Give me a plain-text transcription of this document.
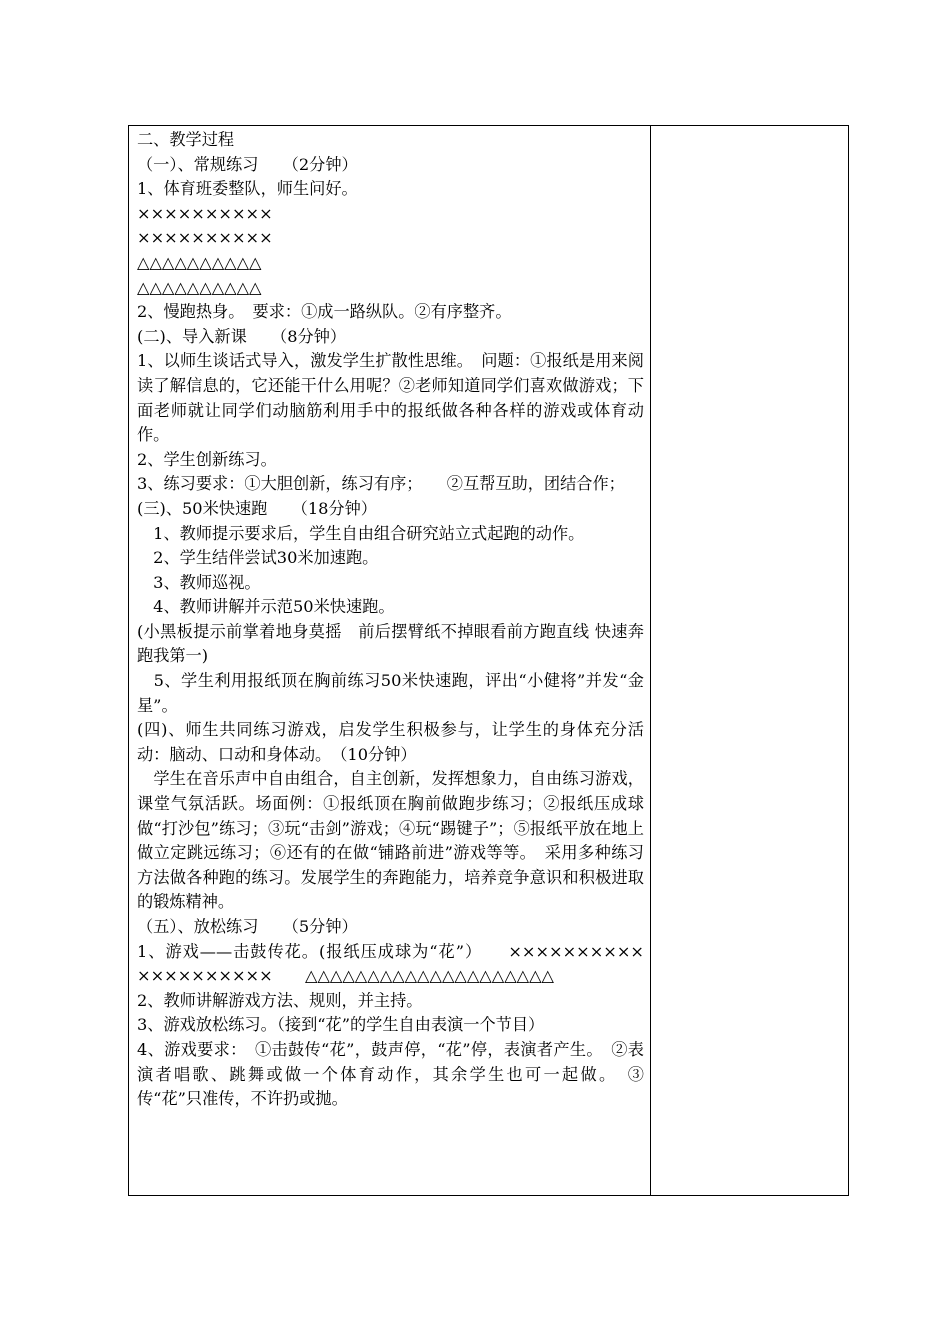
二、教学过程

（一）、常规练习　　（2分钟）

1、体育班委整队，师生问好。

××××××××××

××××××××××

△△△△△△△△△△

△△△△△△△△△△

2、慢跑热身。　要求：①成一路纵队。②有序整齐。

(二)、导入新课　　（8分钟）

1、以师生谈话式导入，激发学生扩散性思维。　问题：①报纸是用来阅读了解信息的，它还能干什么用呢？②老师知道同学们喜欢做游戏；下面老师就让同学们动脑筋利用手中的报纸做各种各样的游戏或体育动作。

2、学生创新练习。

3、练习要求：①大胆创新，练习有序；　　②互帮互助，团结合作；

(三)、50米快速跑　　（18分钟）

　1、教师提示要求后，学生自由组合研究站立式起跑的动作。

　2、学生结伴尝试30米加速跑。

　3、教师巡视。

　4、教师讲解并示范50米快速跑。

(小黑板提示前掌着地身莫摇　前后摆臂纸不掉眼看前方跑直线 快速奔跑我第一)

　5、学生利用报纸顶在胸前练习50米快速跑，评出“小健将”并发“金星”。

(四)、师生共同练习游戏，启发学生积极参与，让学生的身体充分活动：脑动、口动和身体动。　（10分钟）

　学生在音乐声中自由组合，自主创新，发挥想象力，自由练习游戏，课堂气氛活跃。场面例：①报纸顶在胸前做跑步练习；②报纸压成球做“打沙包”练习；③玩“击剑”游戏；④玩“踢键子”；⑤报纸平放在地上做立定跳远练习；⑥还有的在做“铺路前进”游戏等等。　采用多种练习方法做各种跑的练习。发展学生的奔跑能力，培养竞争意识和积极进取的锻炼精神。

（五）、放松练习　　（5分钟）

1、游戏——击鼓传花。(报纸压成球为“花”）　　××××××××××　　××××××××××　　△△△△△△△△△△△△△△△△△△△△

2、教师讲解游戏方法、规则，并主持。

3、游戏放松练习。（接到“花”的学生自由表演一个节目）

4、游戏要求：　①击鼓传“花”，鼓声停，“花”停，表演者产生。　②表演者唱歌、跳舞或做一个体育动作，其余学生也可一起做。　③传“花”只准传，不许扔或抛。
